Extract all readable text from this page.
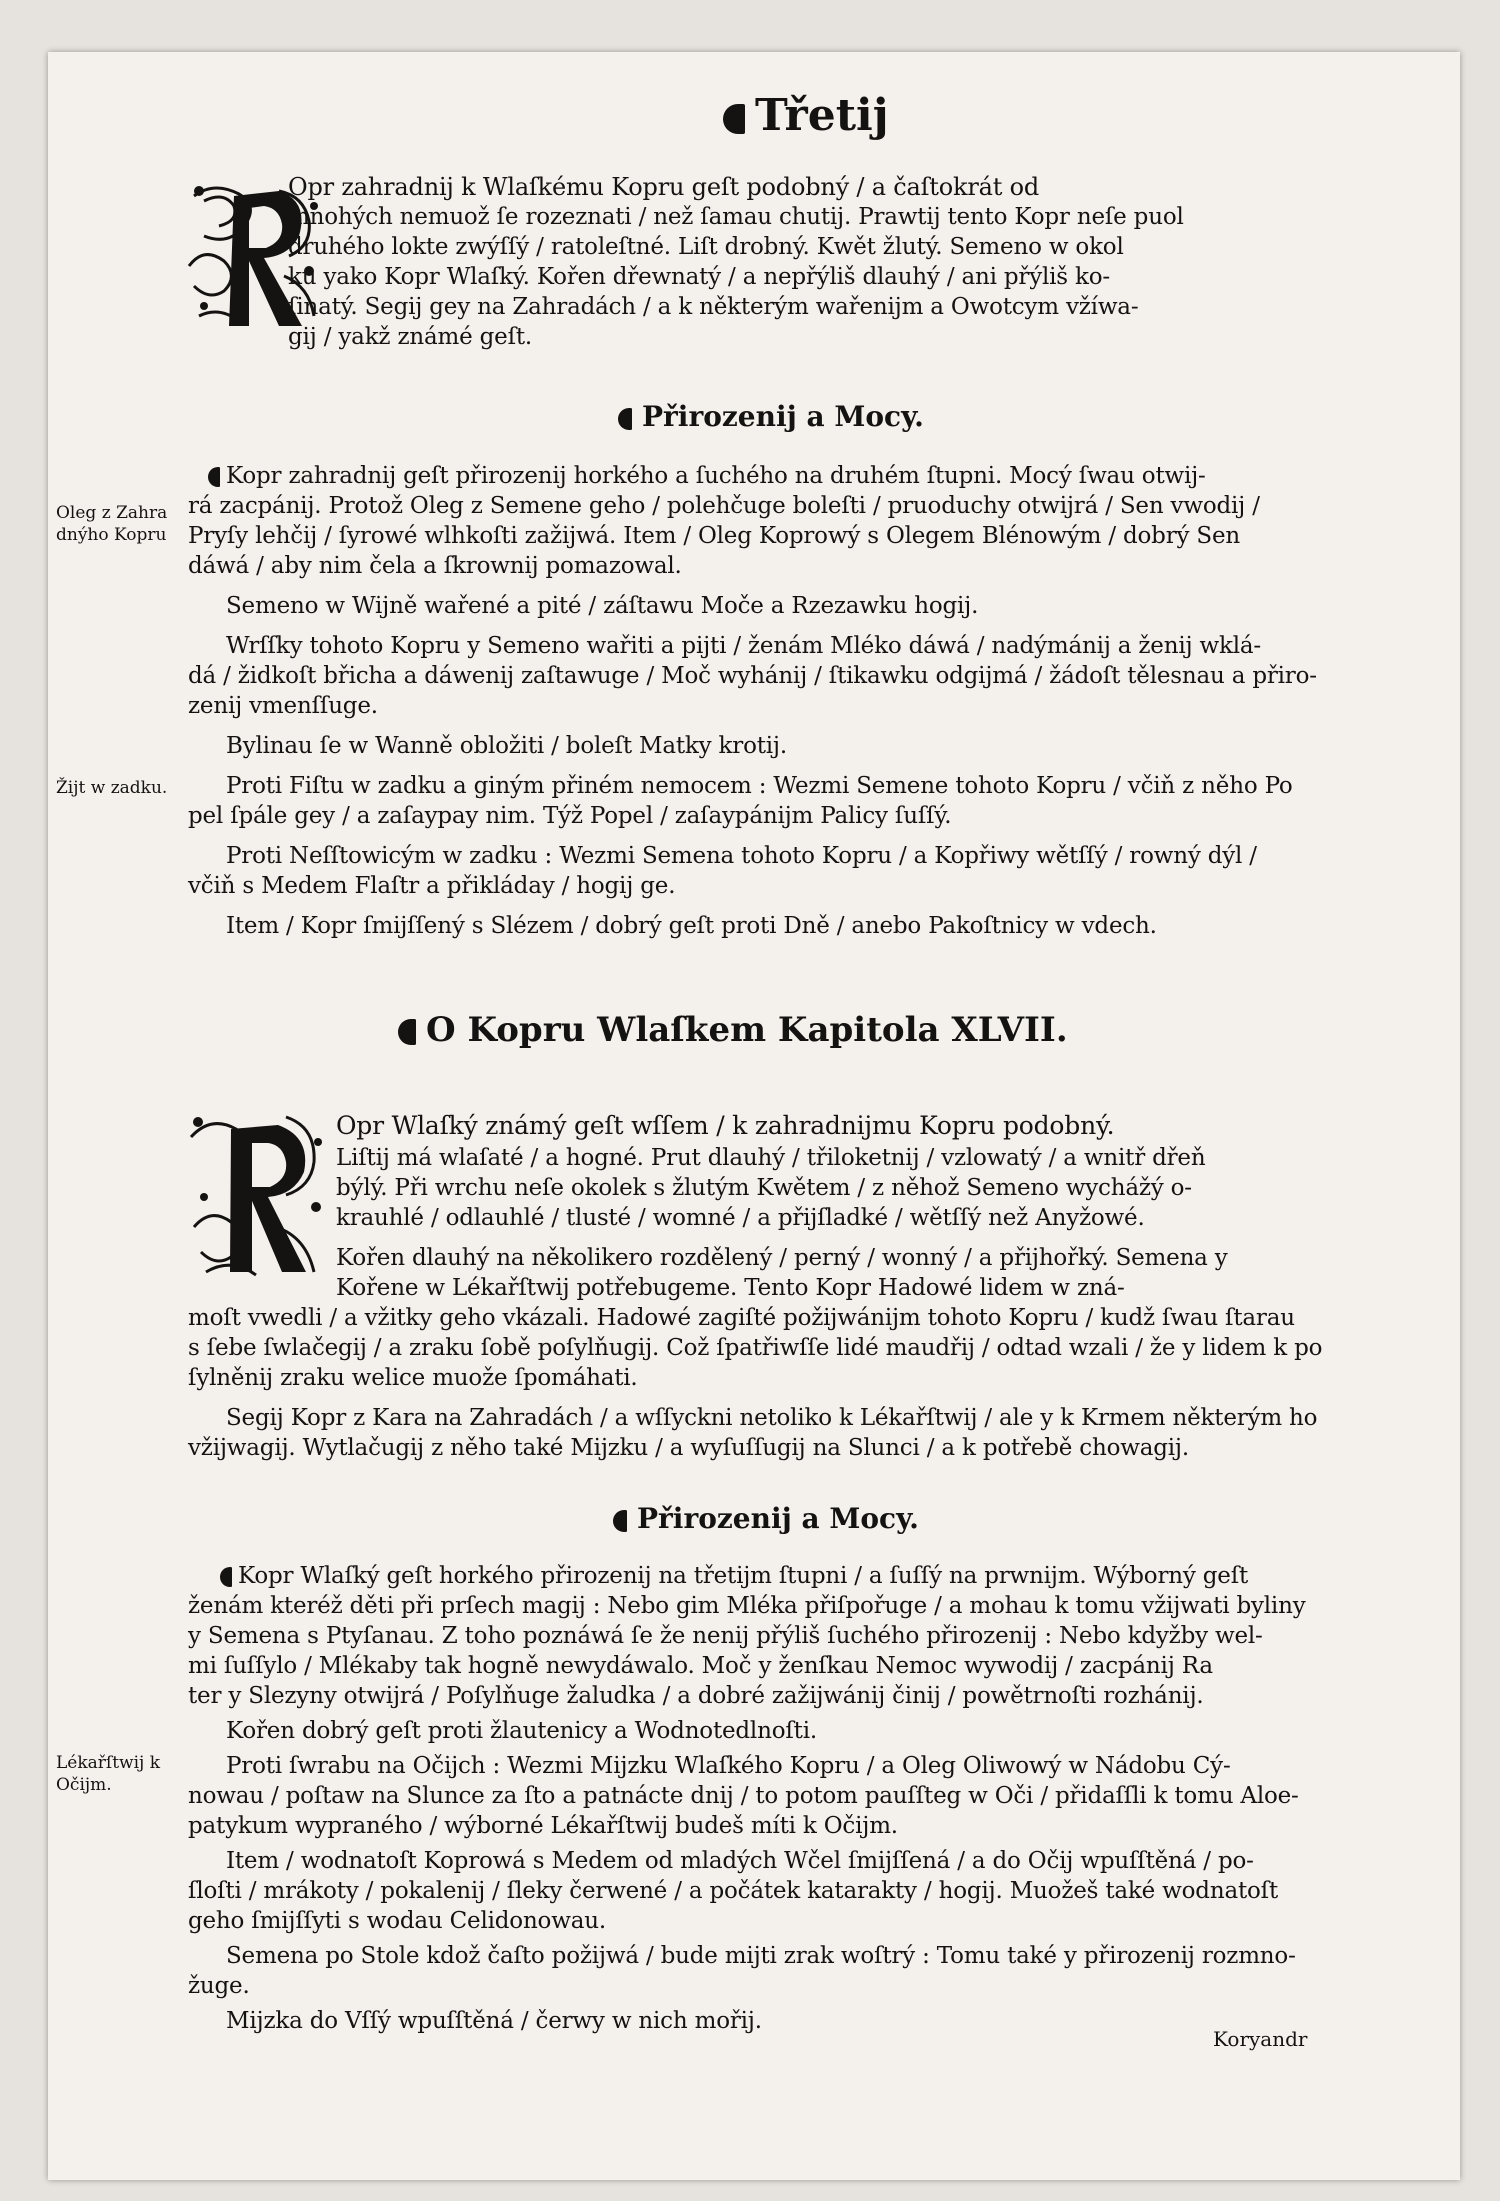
Třetij
Opr zahradnij k Wlaſkému Kopru geſt podobný / a čaſtokrát od
mnohých nemuož ſe rozeznati / než ſamau chutij. Prawtij tento Kopr neſe puol
druhého lokte zwýſſý / ratoleſtné. Liſt drobný. Kwět žlutý. Semeno w okol
ku yako Kopr Wlaſký. Kořen dřewnatý / a nepřýliš dlauhý / ani přýliš ko-
ſinatý. Segij gey na Zahradách / a k některým wařenijm a Owotcym vžíwa-
gij / yakž známé geſt.
Přirozenij a Mocy.
Oleg z Zahra
dnýho Kopru
Žijt w zadku.
Kopr zahradnij geſt přirozenij horkého a ſuchého na druhém ſtupni. Mocý ſwau otwij-
rá zacpánij. Protož Oleg z Semene geho / polehčuge boleſti / pruoduchy otwijrá / Sen vwodij /
Pryſy lehčij / ſyrowé wlhkoſti zažijwá. Item / Oleg Koprowý s Olegem Blénowým / dobrý Sen
dáwá / aby nim čela a ſkrownij pomazowal.
Semeno w Wijně wařené a pité / záſtawu Moče a Rzezawku hogij.
Wrſſky tohoto Kopru y Semeno wařiti a pijti / ženám Mléko dáwá / nadýmánij a ženij wklá-
dá / židkoſt břicha a dáwenij zaſtawuge / Moč wyhánij / ſtikawku odgijmá / žádoſt tělesnau a přiro-
zenij vmenſſuge.
Bylinau ſe w Wanně obložiti / boleſt Matky krotij.
Proti Fiſtu w zadku a giným přiném nemocem : Wezmi Semene tohoto Kopru / včiň z něho Po
pel ſpále gey / a zaſaypay nim. Týž Popel / zaſaypánijm Palicy ſuſſý.
Proti Neſſtowicým w zadku : Wezmi Semena tohoto Kopru / a Kopřiwy wětſſý / rowný dýl /
včiň s Medem Flaſtr a přikláday / hogij ge.
Item / Kopr ſmijſſený s Slézem / dobrý geſt proti Dně / anebo Pakoſtnicy w vdech.
O Kopru Wlaſkem Kapitola XLVII.
Opr Wlaſký známý geſt wſſem / k zahradnijmu Kopru podobný.
Liſtij má wlaſaté / a hogné. Prut dlauhý / třiloketnij / vzlowatý / a wnitř dřeň
býlý. Při wrchu neſe okolek s žlutým Kwětem / z něhož Semeno wychážý o-
krauhlé / odlauhlé / tlusté / womné / a přijſladké / wětſſý než Anyžowé.
Kořen dlauhý na několikero rozdělený / perný / wonný / a přijhořký. Semena y
Kořene w Lékařſtwij potřebugeme. Tento Kopr Hadowé lidem w zná-
moſt vwedli / a vžitky geho vkázali. Hadowé zagiſté požijwánijm tohoto Kopru / kudž ſwau ſtarau
s ſebe ſwlačegij / a zraku ſobě poſylňugij. Což ſpatřiwſſe lidé maudřij / odtad wzali / že y lidem k po
ſylněnij zraku welice muože ſpomáhati.
Segij Kopr z Kara na Zahradách / a wſſyckni netoliko k Lékařſtwij / ale y k Krmem některým ho
vžijwagij. Wytlačugij z něho také Mijzku / a wyſuſſugij na Slunci / a k potřebě chowagij.
Přirozenij a Mocy.
Lékařſtwij k
Očijm.
Kopr Wlaſký geſt horkého přirozenij na třetijm ſtupni / a ſuſſý na prwnijm. Wýborný geſt
ženám kteréž děti při prſech magij : Nebo gim Mléka přiſpořuge / a mohau k tomu vžijwati byliny
y Semena s Ptyſanau. Z toho poznáwá ſe že nenij přýliš ſuchého přirozenij : Nebo kdyžby wel-
mi ſuſſylo / Mlékaby tak hogně newydáwalo. Moč y ženſkau Nemoc wywodij / zacpánij Ra
ter y Slezyny otwijrá / Poſylňuge žaludka / a dobré zažijwánij činij / powětrnoſti rozhánij.
Kořen dobrý geſt proti žlautenicy a Wodnotedlnoſti.
Proti ſwrabu na Očijch : Wezmi Mijzku Wlaſkého Kopru / a Oleg Oliwowý w Nádobu Cý-
nowau / poſtaw na Slunce za ſto a patnácte dnij / to potom pauſſteg w Oči / přidaſſli k tomu Aloe-
patykum wypraného / wýborné Lékařſtwij budeš míti k Očijm.
Item / wodnatoſt Koprowá s Medem od mladých Wčel ſmijſſená / a do Očij wpuſſtěná / po-
ſloſti / mrákoty / pokalenij / ſleky čerwené / a počátek katarakty / hogij. Muožeš také wodnatoſt
geho ſmijſſyti s wodau Celidonowau.
Semena po Stole kdož čaſto požijwá / bude mijti zrak woſtrý : Tomu také y přirozenij rozmno-
žuge.
Mijzka do Vſſý wpuſſtěná / čerwy w nich mořij.
Koryandr
